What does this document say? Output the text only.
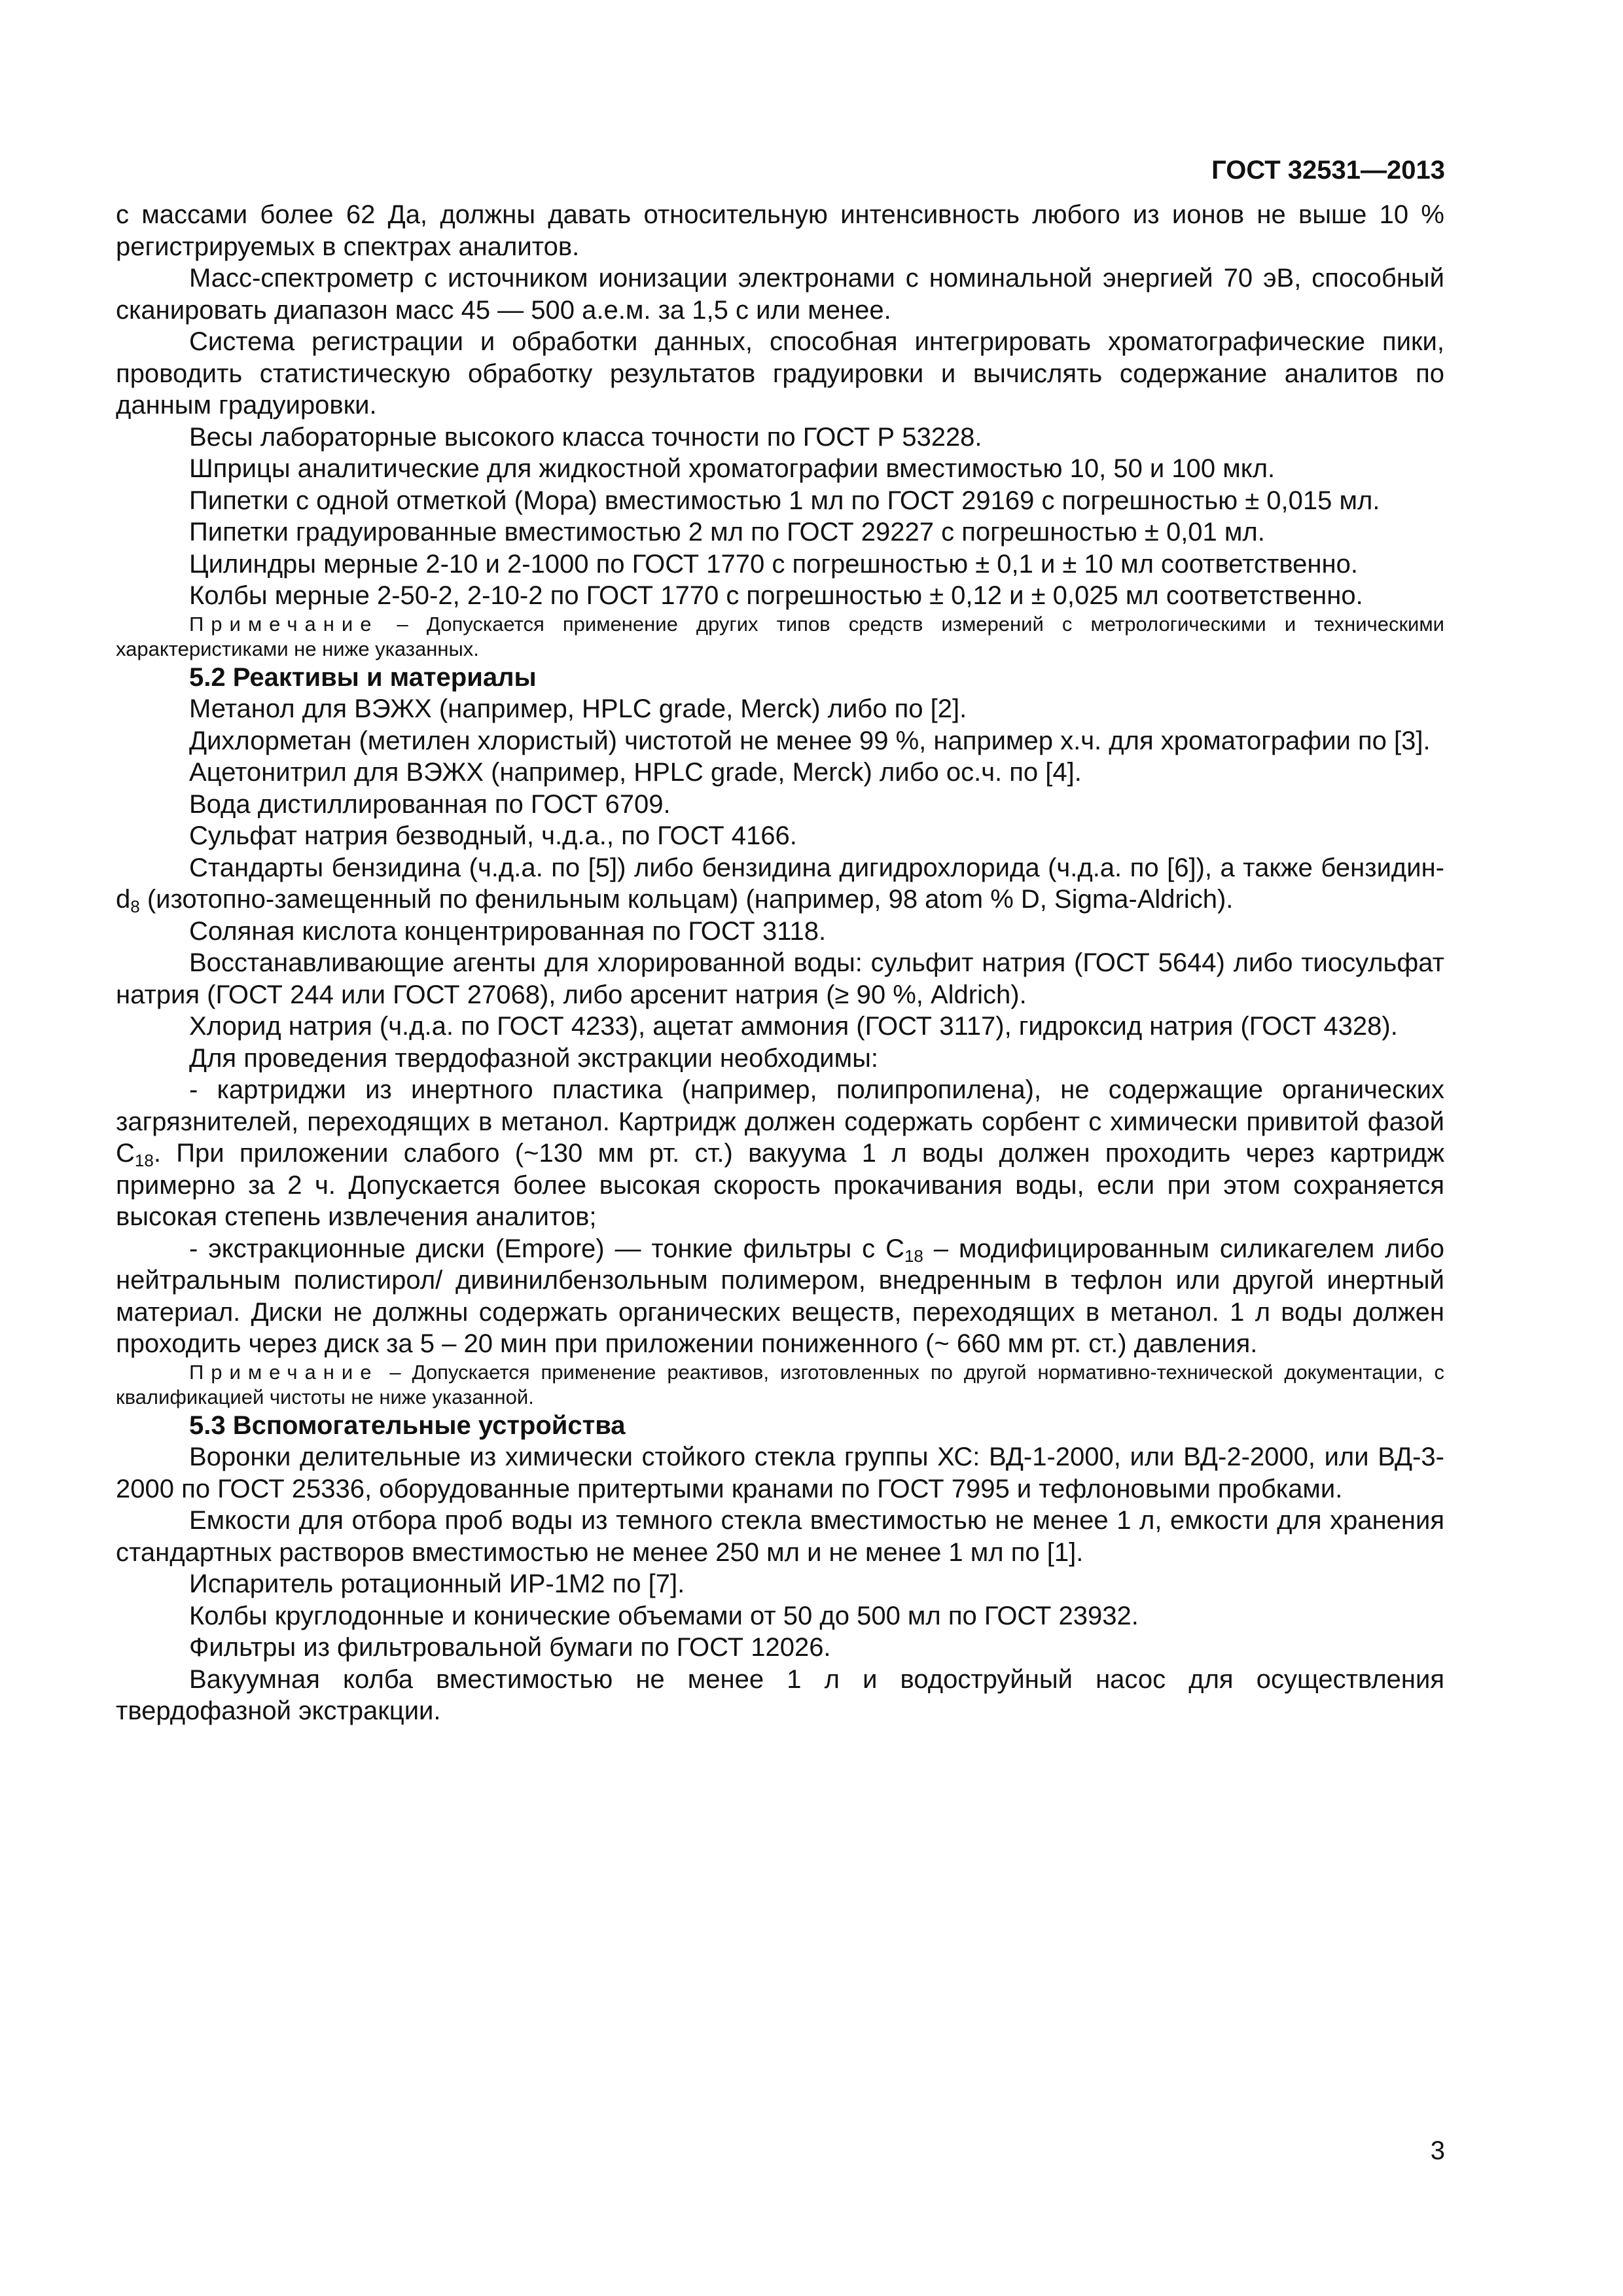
ГОСТ 32531—2013

с массами более 62 Да, должны давать относительную интенсивность любого из ионов не выше 10 % регистрируемых в спектрах аналитов.

Масс-спектрометр с источником ионизации электронами с номинальной энергией 70 эВ, способный сканировать диапазон масс 45 — 500 а.е.м. за 1,5 с или менее.

Система регистрации и обработки данных, способная интегрировать хроматографические пики, проводить статистическую обработку результатов градуировки и вычислять содержание аналитов по данным градуировки.

Весы лабораторные высокого класса точности по ГОСТ Р 53228.

Шприцы аналитические для жидкостной хроматографии вместимостью 10, 50 и 100 мкл.

Пипетки с одной отметкой (Мора) вместимостью 1 мл по ГОСТ 29169 с погрешностью ± 0,015 мл.

Пипетки градуированные вместимостью 2 мл по ГОСТ 29227 с погрешностью ± 0,01 мл.

Цилиндры мерные 2-10 и 2-1000 по ГОСТ 1770 с погрешностью ± 0,1 и ± 10 мл соответственно.

Колбы мерные 2-50-2, 2-10-2 по ГОСТ 1770 с погрешностью ± 0,12 и ± 0,025 мл соответственно.

Примечание – Допускается применение других типов средств измерений с метрологическими и техническими характеристиками не ниже указанных.

5.2 Реактивы и материалы

Метанол для ВЭЖХ (например, HPLC grade, Merck) либо по [2].

Дихлорметан (метилен хлористый) чистотой не менее 99 %, например х.ч. для хроматографии по [3].

Ацетонитрил для ВЭЖХ (например, HPLC grade, Merck) либо ос.ч. по [4].

Вода дистиллированная по ГОСТ 6709.

Сульфат натрия безводный, ч.д.а., по ГОСТ 4166.

Стандарты бензидина (ч.д.а. по [5]) либо бензидина дигидрохлорида (ч.д.а. по [6]), а также бензидин-$d_8$ (изотопно-замещенный по фенильным кольцам) (например, 98 atom % D, Sigma-Aldrich).

Соляная кислота концентрированная по ГОСТ 3118.

Восстанавливающие агенты для хлорированной воды: сульфит натрия (ГОСТ 5644) либо тиосульфат натрия (ГОСТ 244 или ГОСТ 27068), либо арсенит натрия (≥ 90 %, Aldrich).

Хлорид натрия (ч.д.а. по ГОСТ 4233), ацетат аммония (ГОСТ 3117), гидроксид натрия (ГОСТ 4328).

Для проведения твердофазной экстракции необходимы:

- картриджи из инертного пластика (например, полипропилена), не содержащие органических загрязнителей, переходящих в метанол. Картридж должен содержать сорбент с химически привитой фазой $С_{18}$. При приложении слабого (~130 мм рт. ст.) вакуума 1 л воды должен проходить через картридж примерно за 2 ч. Допускается более высокая скорость прокачивания воды, если при этом сохраняется высокая степень извлечения аналитов;

- экстракционные диски (Empore) — тонкие фильтры с $С_{18}$ – модифицированным силикагелем либо нейтральным полистирол/ дивинилбензольным полимером, внедренным в тефлон или другой инертный материал. Диски не должны содержать органических веществ, переходящих в метанол. 1 л воды должен проходить через диск за 5 – 20 мин при приложении пониженного (~ 660 мм рт. ст.) давления.

Примечание – Допускается применение реактивов, изготовленных по другой нормативно-технической документации, с квалификацией чистоты не ниже указанной.

5.3 Вспомогательные устройства

Воронки делительные из химически стойкого стекла группы ХС: ВД-1-2000, или ВД-2-2000, или ВД-3-2000 по ГОСТ 25336, оборудованные притертыми кранами по ГОСТ 7995 и тефлоновыми пробками.

Емкости для отбора проб воды из темного стекла вместимостью не менее 1 л, емкости для хранения стандартных растворов вместимостью не менее 250 мл и не менее 1 мл по [1].

Испаритель ротационный ИР-1М2 по [7].

Колбы круглодонные и конические объемами от 50 до 500 мл по ГОСТ 23932.

Фильтры из фильтровальной бумаги по ГОСТ 12026.

Вакуумная колба вместимостью не менее 1 л и водоструйный насос для осуществления твердофазной экстракции.

3
